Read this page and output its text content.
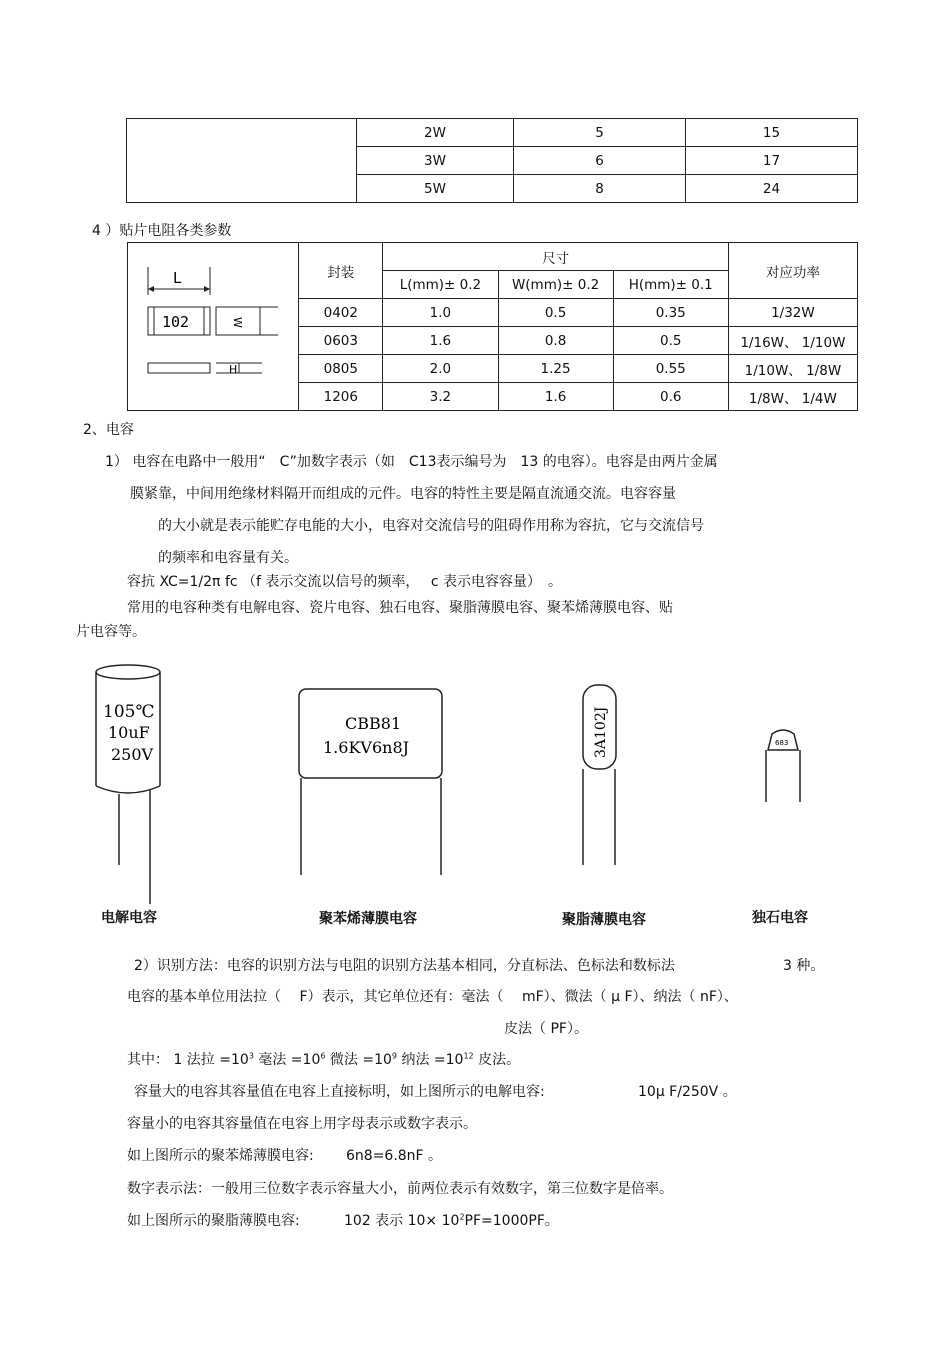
	2W	5	15
	3W	6	17
	5W	8	24
4 ）贴片电阻各类参数
L
102 W
H	封装	尺寸			对应功率
		L(mm)± 0.2	W(mm)± 0.2	H(mm)± 0.1	
	0402	1.0	0.5	0.35	1/32W
	0603	1.6	0.8	0.5	1/16W、 1/10W
	0805	2.0	1.25	0.55	1/10W、 1/8W
	1206	3.2	1.6	0.6	1/8W、 1/4W
2、电容
1） 电容在电路中一般用“　C”加数字表示（如　C13表示编号为　13 的电容）。电容是由两片金属
膜紧靠，中间用绝缘材料隔开而组成的元件。电容的特性主要是隔直流通交流。电容容量
的大小就是表示能贮存电能的大小，电容对交流信号的阻碍作用称为容抗，它与交流信号
的频率和电容量有关。
容抗 XC=1/2π fc （f 表示交流以信号的频率，　 c 表示电容容量）　。
常用的电容种类有电解电容、瓷片电容、独石电容、聚脂薄膜电容、聚苯烯薄膜电容、贴
片电容等。
105℃
10uF
250V
CBB81
1.6KV6n8J	3A102J	683
电解电容	聚苯烯薄膜电容	聚脂薄膜电容	独石电容
2）识别方法：电容的识别方法与电阻的识别方法基本相同，分直标法、色标法和数标法	3 种。
电容的基本单位用法拉（　 F）表示，其它单位还有：毫法（　 mF）、微法（ μ F）、纳法（ nF）、
皮法（ PF）。
其中： 1 法拉 $=10^3$ 毫法 $=10^6$ 微法 $=10^9$ 纳法 $=10^{12}$ 皮法。
容量大的电容其容量值在电容上直接标明，如上图所示的电解电容:	10μ F/250V 。
容量小的电容其容量值在电容上用字母表示或数字表示。
如上图所示的聚苯烯薄膜电容: 6n8=6.8nF 。
数字表示法：一般用三位数字表示容量大小，前两位表示有效数字，第三位数字是倍率。
如上图所示的聚脂薄膜电容:	102 表示 $10\times 10^2PF=1000PF$。
